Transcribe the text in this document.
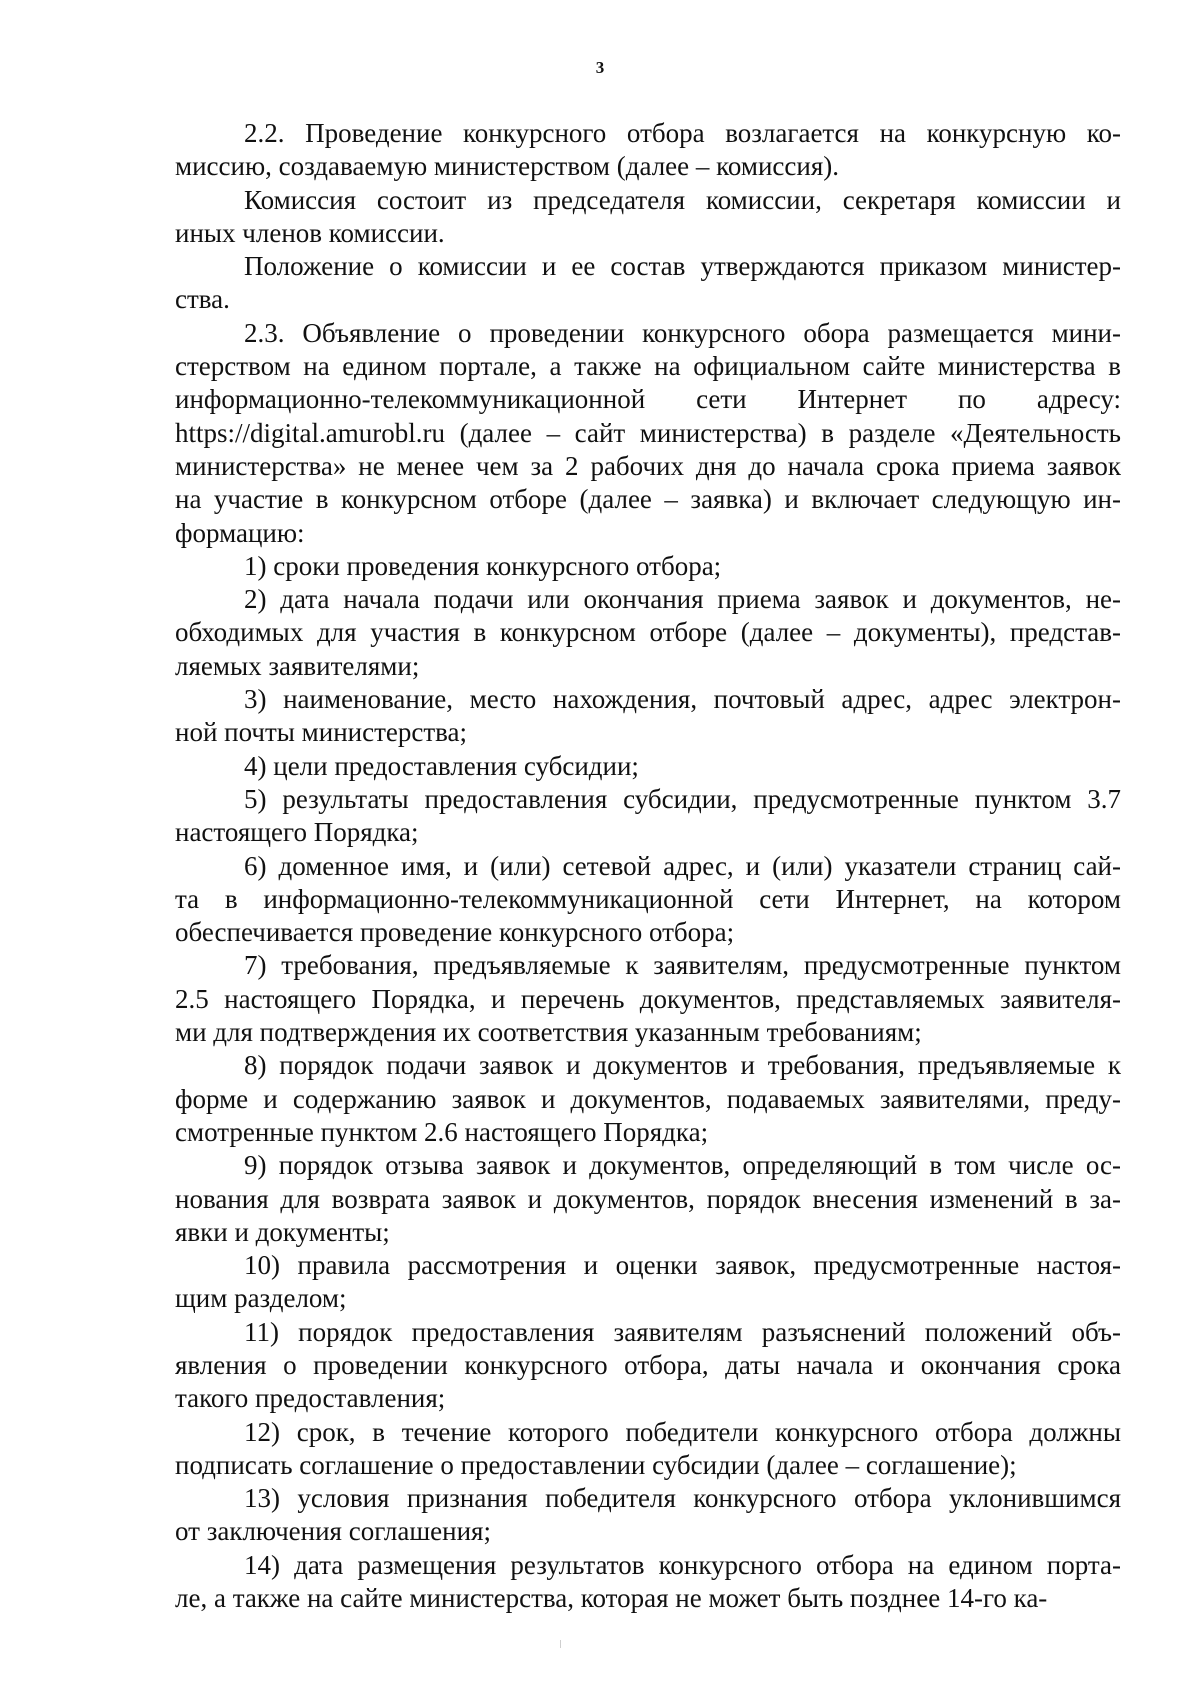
3
2.2. Проведение конкурсного отбора возлагается на конкурсную ко-
миссию, создаваемую министерством (далее – комиссия).
Комиссия состоит из председателя комиссии, секретаря комиссии и
иных членов комиссии.
Положение о комиссии и ее состав утверждаются приказом министер-
ства.
2.3. Объявление о проведении конкурсного обора размещается мини-
стерством на едином портале, а также на официальном сайте министерства в
информационно-телекоммуникационной сети Интернет по адресу:
https://digital.amurobl.ru (далее – сайт министерства) в разделе «Деятельность
министерства» не менее чем за 2 рабочих дня до начала срока приема заявок
на участие в конкурсном отборе (далее – заявка) и включает следующую ин-
формацию:
1) сроки проведения конкурсного отбора;
2) дата начала подачи или окончания приема заявок и документов, не-
обходимых для участия в конкурсном отборе (далее – документы), представ-
ляемых заявителями;
3) наименование, место нахождения, почтовый адрес, адрес электрон-
ной почты министерства;
4) цели предоставления субсидии;
5) результаты предоставления субсидии, предусмотренные пунктом 3.7
настоящего Порядка;
6) доменное имя, и (или) сетевой адрес, и (или) указатели страниц сай-
та в информационно-телекоммуникационной сети Интернет, на котором
обеспечивается проведение конкурсного отбора;
7) требования, предъявляемые к заявителям, предусмотренные пунктом
2.5 настоящего Порядка, и перечень документов, представляемых заявителя-
ми для подтверждения их соответствия указанным требованиям;
8) порядок подачи заявок и документов и требования, предъявляемые к
форме и содержанию заявок и документов, подаваемых заявителями, преду-
смотренные пунктом 2.6 настоящего Порядка;
9) порядок отзыва заявок и документов, определяющий в том числе ос-
нования для возврата заявок и документов, порядок внесения изменений в за-
явки и документы;
10) правила рассмотрения и оценки заявок, предусмотренные настоя-
щим разделом;
11) порядок предоставления заявителям разъяснений положений объ-
явления о проведении конкурсного отбора, даты начала и окончания срока
такого предоставления;
12) срок, в течение которого победители конкурсного отбора должны
подписать соглашение о предоставлении субсидии (далее – соглашение);
13) условия признания победителя конкурсного отбора уклонившимся
от заключения соглашения;
14) дата размещения результатов конкурсного отбора на едином порта-
ле, а также на сайте министерства, которая не может быть позднее 14-го ка-
